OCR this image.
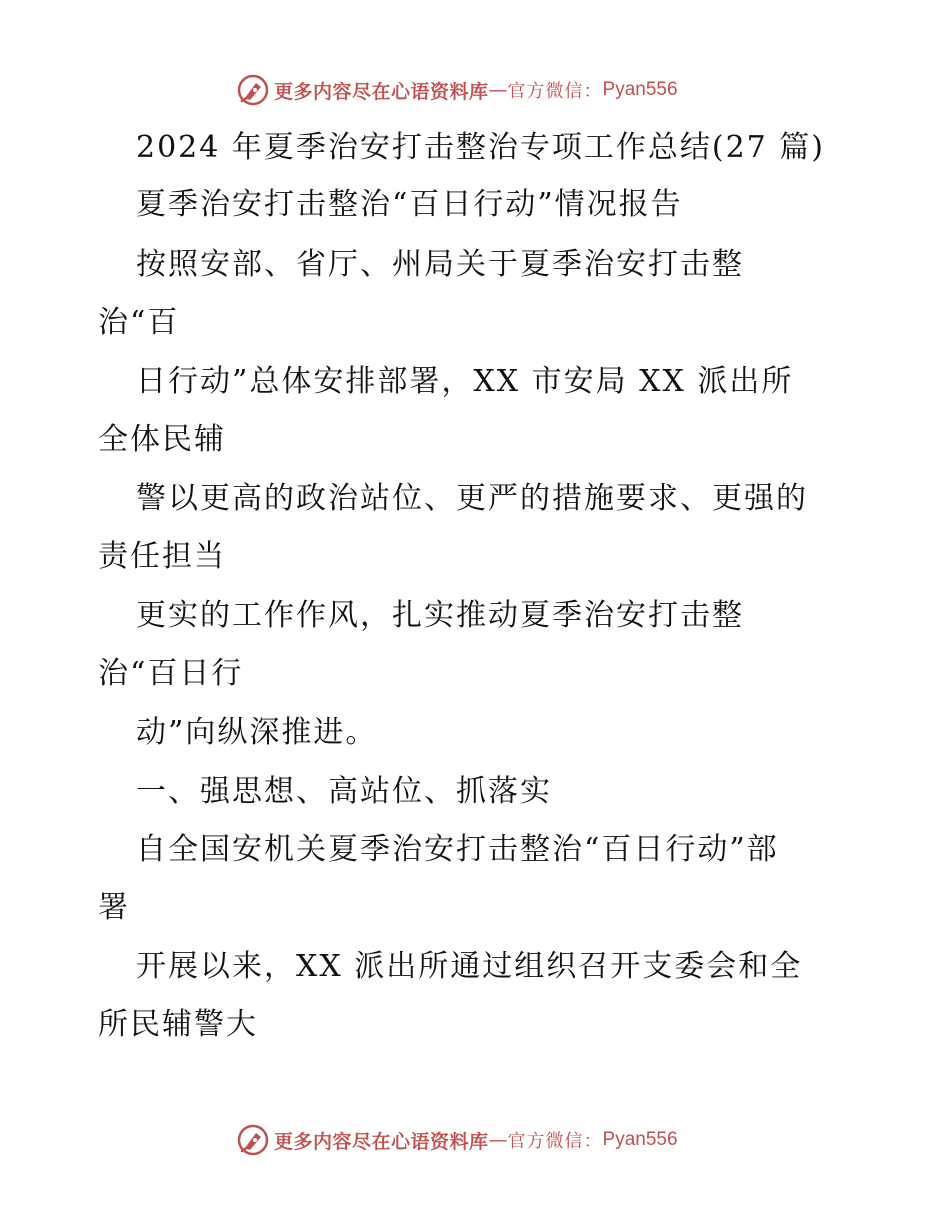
更多内容尽在心语资料库 — 官方微信： Pyan556
2024 年夏季治安打击整治专项工作总结(27 篇)
夏季治安打击整治“百日行动”情况报告
按照安部、省厅、州局关于夏季治安打击整
治“百
日行动”总体安排部署，XX 市安局 XX 派出所
全体民辅
警以更高的政治站位、更严的措施要求、更强的
责任担当
更实的工作作风，扎实推动夏季治安打击整
治“百日行
动”向纵深推进。
一、强思想、高站位、抓落实
自全国安机关夏季治安打击整治“百日行动”部
署
开展以来，XX 派出所通过组织召开支委会和全
所民辅警大
更多内容尽在心语资料库 — 官方微信： Pyan556
